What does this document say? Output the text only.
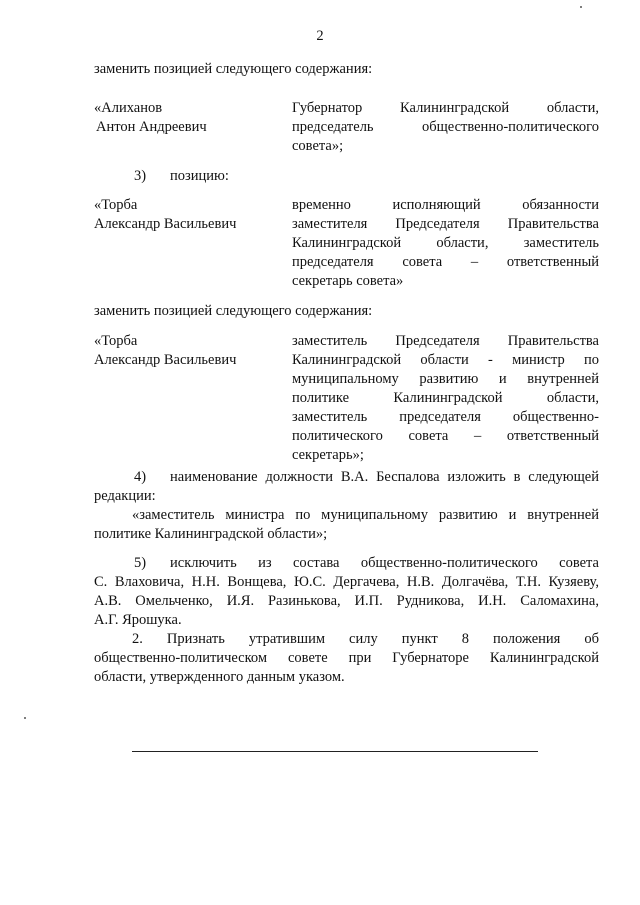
2
заменить позицией следующего содержания:
«Алиханов
Антон Андреевич
Губернатор Калининградской области,
председатель общественно-политического
совета»;
3) позицию:
«Торба
Александр Васильевич
временно исполняющий обязанности
заместителя Председателя Правительства
Калининградской области, заместитель
председателя совета – ответственный
секретарь совета»
заменить позицией следующего содержания:
«Торба
Александр Васильевич
заместитель Председателя Правительства
Калининградской области - министр по
муниципальному развитию и внутренней
политике Калининградской области,
заместитель председателя общественно-
политического совета – ответственный
секретарь»;
4) наименование должности В.А. Беспалова изложить в следующей
редакции:
«заместитель министра по муниципальному развитию и внутренней
политике Калининградской области»;
5) исключить из состава общественно-политического совета
С. Влаховича, Н.Н. Вонщева, Ю.С. Дергачева, Н.В. Долгачёва, Т.Н. Кузяеву,
А.В. Омельченко, И.Я. Разинькова, И.П. Рудникова, И.Н. Саломахина,
А.Г. Ярошука.
2. Признать утратившим силу пункт 8 положения об
общественно-политическом совете при Губернаторе Калининградской
области, утвержденного данным указом.
